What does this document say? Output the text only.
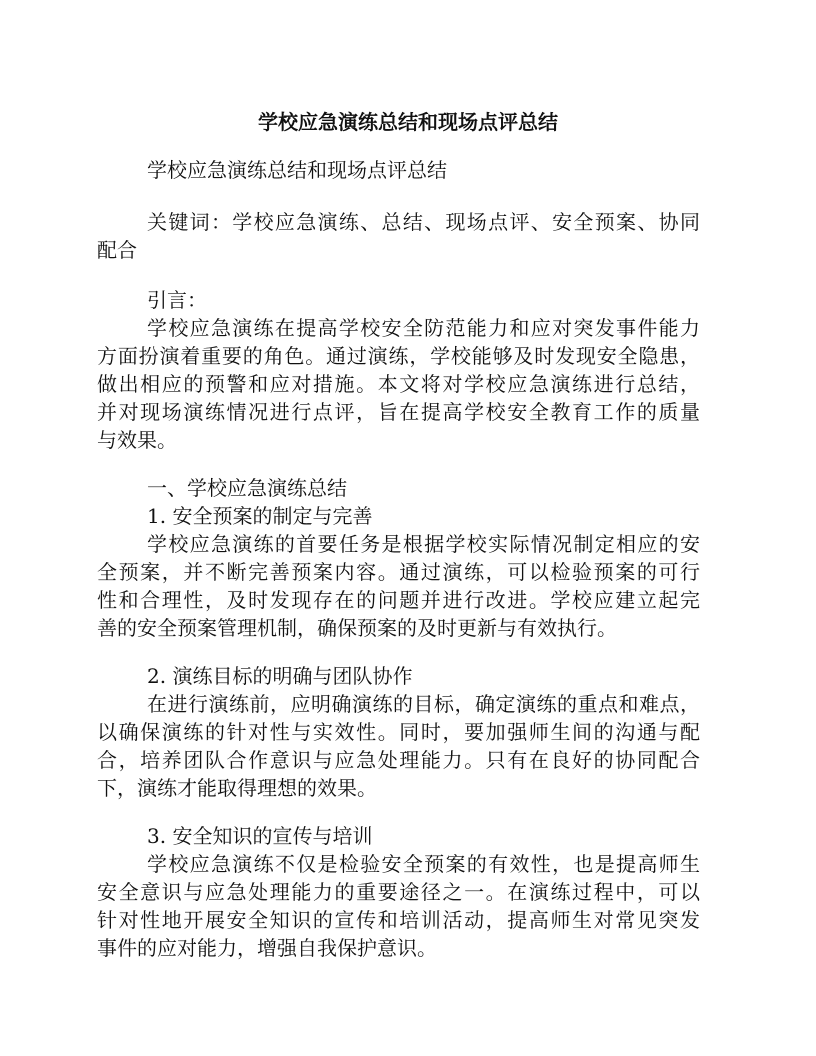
学校应急演练总结和现场点评总结
学校应急演练总结和现场点评总结
关键词：学校应急演练、总结、现场点评、安全预案、协同
配合
引言：
学校应急演练在提高学校安全防范能力和应对突发事件能力
方面扮演着重要的角色。通过演练，学校能够及时发现安全隐患，
做出相应的预警和应对措施。本文将对学校应急演练进行总结，
并对现场演练情况进行点评，旨在提高学校安全教育工作的质量
与效果。
一、学校应急演练总结
1. 安全预案的制定与完善
学校应急演练的首要任务是根据学校实际情况制定相应的安
全预案，并不断完善预案内容。通过演练，可以检验预案的可行
性和合理性，及时发现存在的问题并进行改进。学校应建立起完
善的安全预案管理机制，确保预案的及时更新与有效执行。
2. 演练目标的明确与团队协作
在进行演练前，应明确演练的目标，确定演练的重点和难点，
以确保演练的针对性与实效性。同时，要加强师生间的沟通与配
合，培养团队合作意识与应急处理能力。只有在良好的协同配合
下，演练才能取得理想的效果。
3. 安全知识的宣传与培训
学校应急演练不仅是检验安全预案的有效性，也是提高师生
安全意识与应急处理能力的重要途径之一。在演练过程中，可以
针对性地开展安全知识的宣传和培训活动，提高师生对常见突发
事件的应对能力，增强自我保护意识。
